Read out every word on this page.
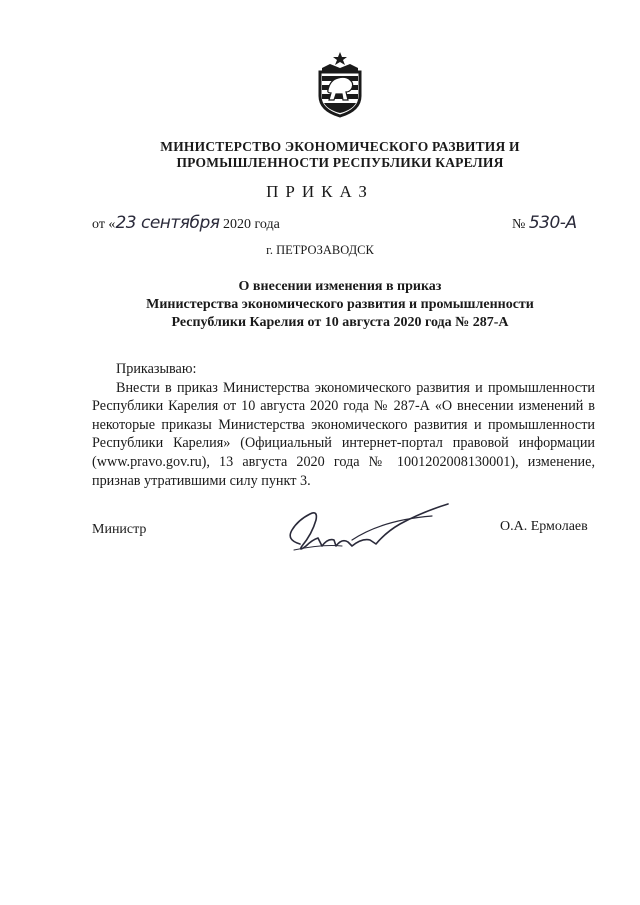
МИНИСТЕРСТВО ЭКОНОМИЧЕСКОГО РАЗВИТИЯ И
ПРОМЫШЛЕННОСТИ РЕСПУБЛИКИ КАРЕЛИЯ
ПРИКАЗ
от «23 сентября 2020 года	№ 530-А
г. ПЕТРОЗАВОДСК
О внесении изменения в приказ
Министерства экономического развития и промышленности
Республики Карелия от 10 августа 2020 года № 287-А

Приказываю:

Внести в приказ Министерства экономического развития и промышленности Республики Карелия от 10 августа 2020 года № 287-А «О внесении изменений в некоторые приказы Министерства экономического развития и промышленности Республики Карелия» (Официальный интернет-портал правовой информации (www.pravo.gov.ru), 13 августа 2020 года № 1001202008130001), изменение, признав утратившими силу пункт 3.

Министр	О.А. Ермолаев
